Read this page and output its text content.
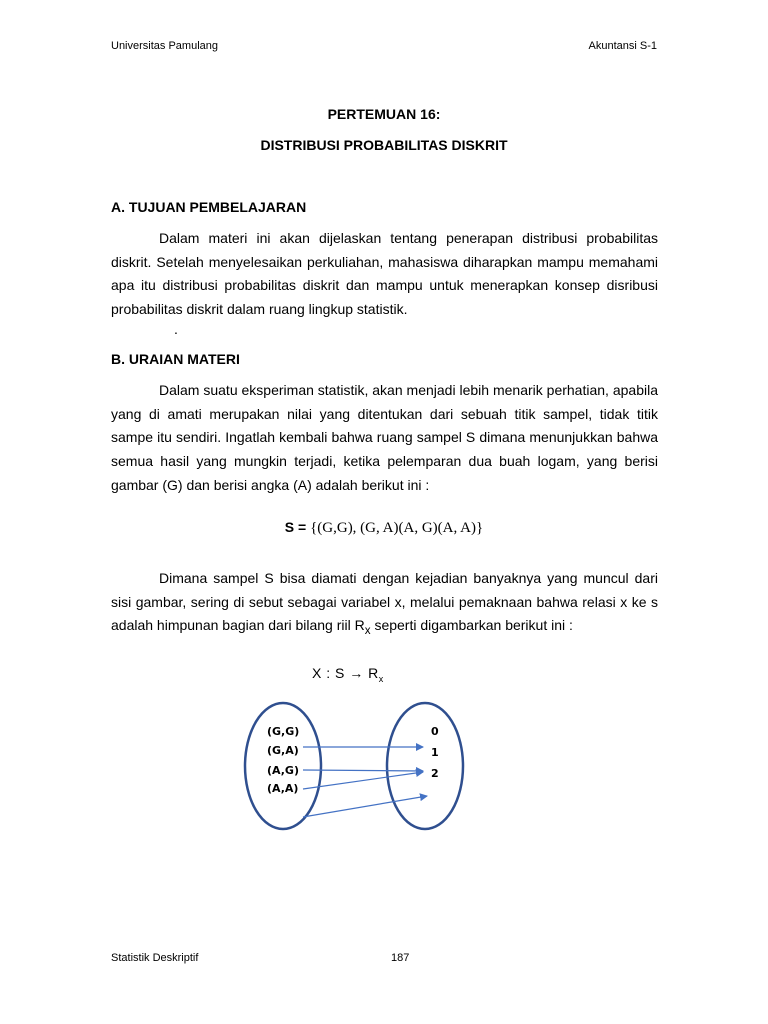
Universitas Pamulang	Akuntansi S-1
PERTEMUAN 16:
DISTRIBUSI PROBABILITAS DISKRIT
A. TUJUAN PEMBELAJARAN

Dalam materi ini akan dijelaskan tentang penerapan distribusi probabilitas diskrit. Setelah menyelesaikan perkuliahan, mahasiswa diharapkan mampu memahami apa itu distribusi probabilitas diskrit dan mampu untuk menerapkan konsep disribusi probabilitas diskrit dalam ruang lingkup statistik.

.
B. URAIAN MATERI

Dalam suatu eksperiman statistik, akan menjadi lebih menarik perhatian, apabila yang di amati merupakan nilai yang ditentukan dari sebuah titik sampel, tidak titik sampe itu sendiri. Ingatlah kembali bahwa ruang sampel S dimana menunjukkan bahwa semua hasil yang mungkin terjadi, ketika pelemparan dua buah logam, yang berisi gambar (G) dan berisi angka (A) adalah berikut ini :

S = {(G,G), (G, A)(A, G)(A, A)}

Dimana sampel S bisa diamati dengan kejadian banyaknya yang muncul dari sisi gambar, sering di sebut sebagai variabel x, melalui pemaknaan bahwa relasi x ke s adalah himpunan bagian dari bilang riil $R_x$ seperti digambarkan berikut ini :

X : $S \to R_x$
(G,G)
(G,A)
(A,G)
(A,A)
0
1
2
Statistik Deskriptif	187
